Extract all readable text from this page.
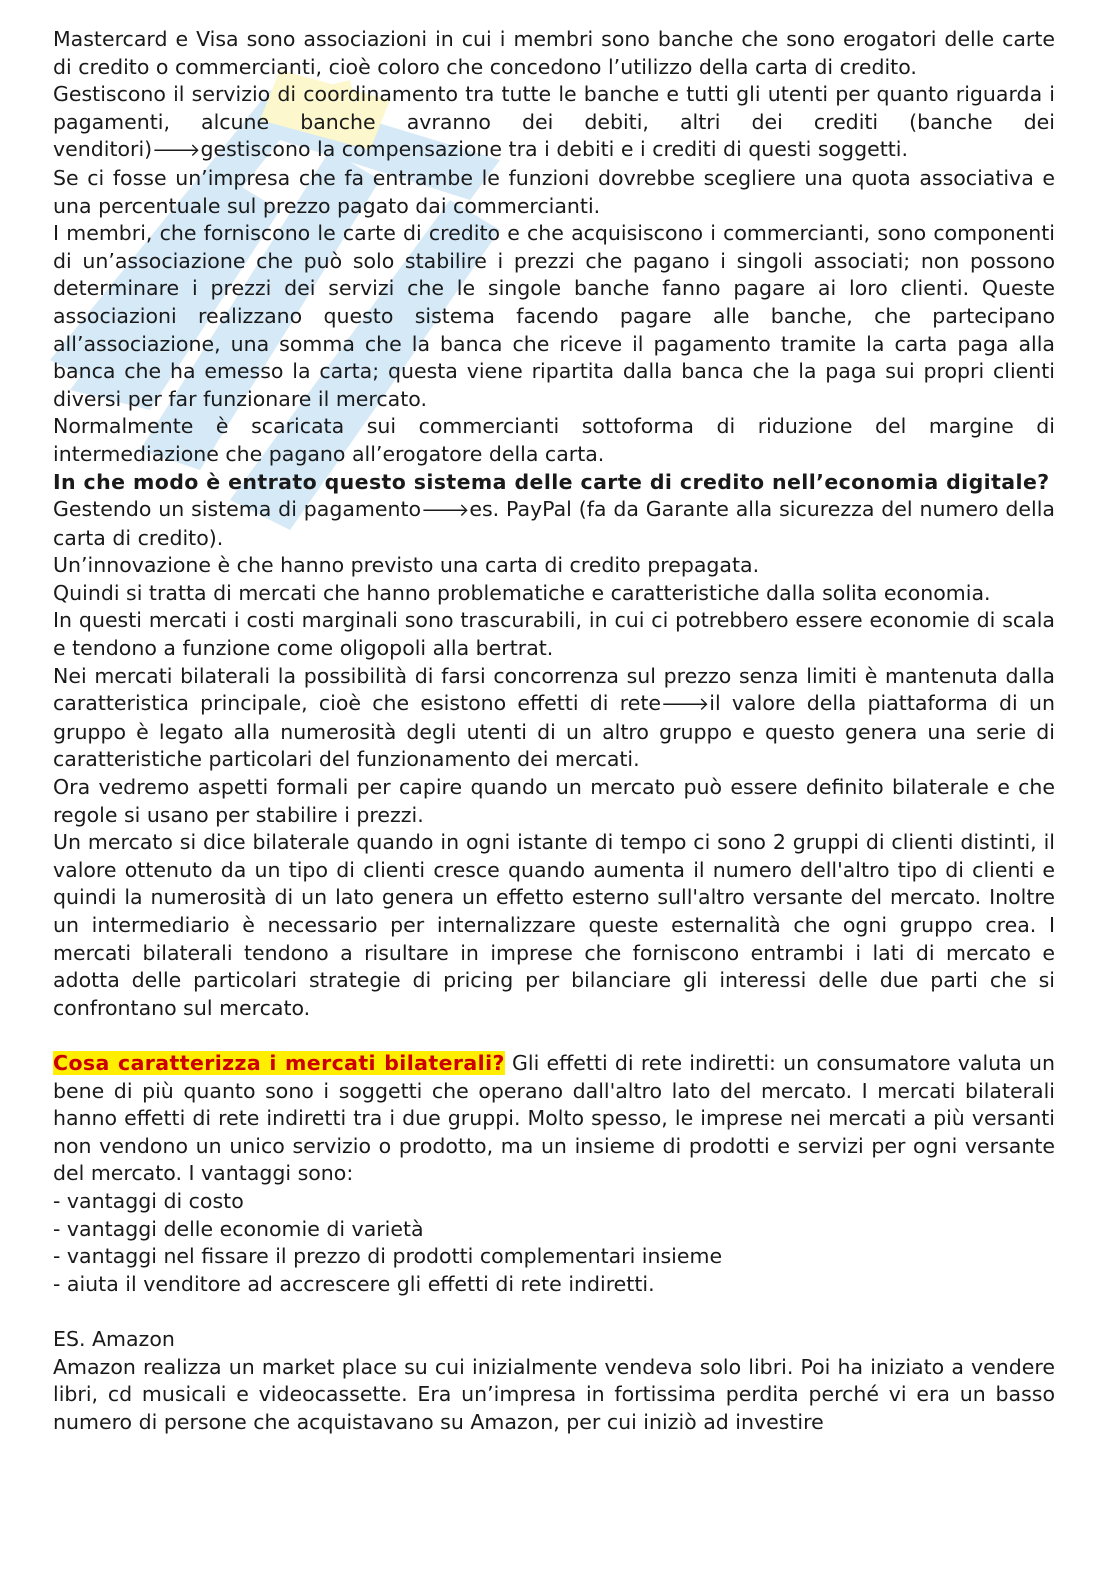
Mastercard e Visa sono associazioni in cui i membri sono banche che sono erogatori delle carte di credito o commercianti, cioè coloro che concedono l’utilizzo della carta di credito.

Gestiscono il servizio di coordinamento tra tutte le banche e tutti gli utenti per quanto riguarda i pagamenti, alcune banche avranno dei debiti, altri dei crediti (banche dei venditori)🡒gestiscono la compensazione tra i debiti e i crediti di questi soggetti.

Se ci fosse un’impresa che fa entrambe le funzioni dovrebbe scegliere una quota associativa e una percentuale sul prezzo pagato dai commercianti.

I membri, che forniscono le carte di credito e che acquisiscono i commercianti, sono componenti di un’associazione che può solo stabilire i prezzi che pagano i singoli associati; non possono determinare i prezzi dei servizi che le singole banche fanno pagare ai loro clienti. Queste associazioni realizzano questo sistema facendo pagare alle banche, che partecipano all’associazione, una somma che la banca che riceve il pagamento tramite la carta paga alla banca che ha emesso la carta; questa viene ripartita dalla banca che la paga sui propri clienti diversi per far funzionare il mercato.

Normalmente è scaricata sui commercianti sottoforma di riduzione del margine di intermediazione che pagano all’erogatore della carta.

In che modo è entrato questo sistema delle carte di credito nell’economia digitale?

Gestendo un sistema di pagamento🡒es. PayPal (fa da Garante alla sicurezza del numero della carta di credito).

Un’innovazione è che hanno previsto una carta di credito prepagata.

Quindi si tratta di mercati che hanno problematiche e caratteristiche dalla solita economia.

In questi mercati i costi marginali sono trascurabili, in cui ci potrebbero essere economie di scala e tendono a funzione come oligopoli alla bertrat.

Nei mercati bilaterali la possibilità di farsi concorrenza sul prezzo senza limiti è mantenuta dalla caratteristica principale, cioè che esistono effetti di rete🡒il valore della piattaforma di un gruppo è legato alla numerosità degli utenti di un altro gruppo e questo genera una serie di caratteristiche particolari del funzionamento dei mercati.

Ora vedremo aspetti formali per capire quando un mercato può essere definito bilaterale e che regole si usano per stabilire i prezzi.

Un mercato si dice bilaterale quando in ogni istante di tempo ci sono 2 gruppi di clienti distinti, il valore ottenuto da un tipo di clienti cresce quando aumenta il numero dell'altro tipo di clienti e quindi la numerosità di un lato genera un effetto esterno sull'altro versante del mercato. Inoltre un intermediario è necessario per internalizzare queste esternalità che ogni gruppo crea. I mercati bilaterali tendono a risultare in imprese che forniscono entrambi i lati di mercato e adotta delle particolari strategie di pricing per bilanciare gli interessi delle due parti che si confrontano sul mercato.

Cosa caratterizza i mercati bilaterali? Gli effetti di rete indiretti: un consumatore valuta un bene di più quanto sono i soggetti che operano dall'altro lato del mercato. I mercati bilaterali hanno effetti di rete indiretti tra i due gruppi. Molto spesso, le imprese nei mercati a più versanti non vendono un unico servizio o prodotto, ma un insieme di prodotti e servizi per ogni versante del mercato. I vantaggi sono:

- vantaggi di costo

- vantaggi delle economie di varietà

- vantaggi nel fissare il prezzo di prodotti complementari insieme

- aiuta il venditore ad accrescere gli effetti di rete indiretti.

ES. Amazon

Amazon realizza un market place su cui inizialmente vendeva solo libri. Poi ha iniziato a vendere libri, cd musicali e videocassette. Era un’impresa in fortissima perdita perché vi era un basso numero di persone che acquistavano su Amazon, per cui iniziò ad investire
